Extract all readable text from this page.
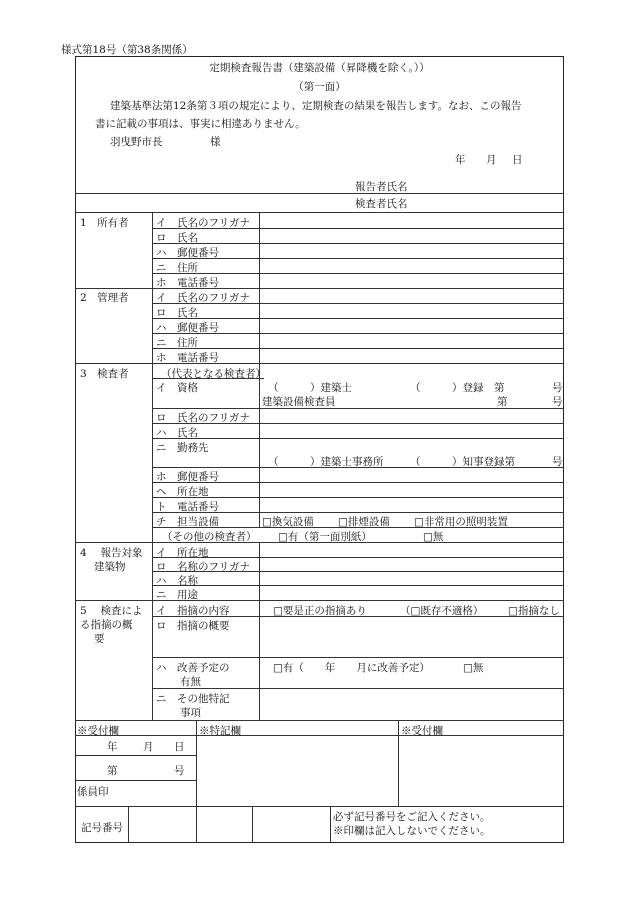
様式第18号（第38条関係）
定期検査報告書（建築設備（昇降機を除く。））
（第一面）
建築基準法第12条第３項の規定により、定期検査の結果を報告します。なお、この報告
書に記載の事項は、事実に相違ありません。
羽曳野市長	様
年 月 日
報告者氏名
検査者氏名
1　所有者	イ　氏名のフリガナ
ロ　氏名
ハ　郵便番号
ニ　住所
ホ　電話番号
2　管理者	イ　氏名のフリガナ
ロ　氏名
ハ　郵便番号
ニ　住所
ホ　電話番号
3　検査者	（代表となる検査者）
イ　資格	（　　　）建築士	（　　　）登録　第	号
建築設備検査員	第	号
ロ　氏名のフリガナ
ハ　氏名
ニ　勤務先
（　　　）建築士事務所	（　　　）知事登録第	号
ホ　郵便番号
ヘ　所在地
ト　電話番号
チ　担当設備	□換気設備 □排煙設備 □非常用の照明装置
（その他の検査者） □有（第一面別紙）	□無
4　 報告対象
建築物
イ　所在地
ロ　名称のフリガナ
ハ　名称
ニ　用途
5　 検査によ
る指摘の概
要
イ　指摘の内容	□要是正の指摘あり	（□既存不適格） □指摘なし
ロ　指摘の概要
ハ　改善予定の
有無
□有（　　年　　月に改善予定）	□無
ニ　その他特記
事項
※受付欄	※特記欄	※受付欄
年 月 日
第	号
係員印
記号番号
必ず記号番号をご記入ください。
※印欄は記入しないでください。
